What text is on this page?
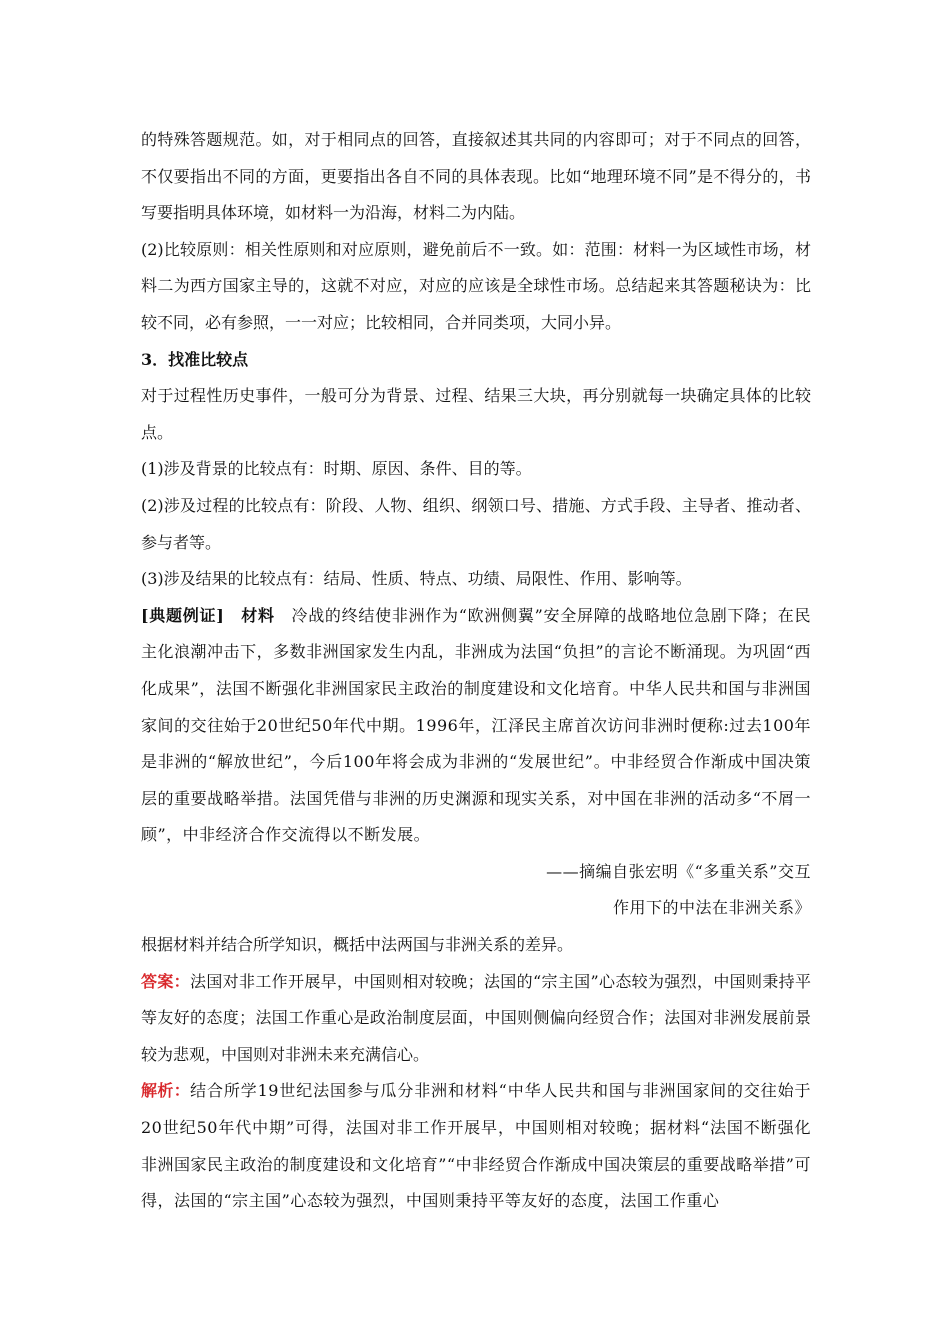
的特殊答题规范。如，对于相同点的回答，直接叙述其共同的内容即可；对于不同点的回答，不仅要指出不同的方面，更要指出各自不同的具体表现。比如“地理环境不同”是不得分的，书写要指明具体环境，如材料一为沿海，材料二为内陆。

(2)比较原则：相关性原则和对应原则，避免前后不一致。如：范围：材料一为区域性市场，材料二为西方国家主导的，这就不对应，对应的应该是全球性市场。总结起来其答题秘诀为：比较不同，必有参照，一一对应；比较相同，合并同类项，大同小异。

3．找准比较点

对于过程性历史事件，一般可分为背景、过程、结果三大块，再分别就每一块确定具体的比较点。

(1)涉及背景的比较点有：时期、原因、条件、目的等。

(2)涉及过程的比较点有：阶段、人物、组织、纲领口号、措施、方式手段、主导者、推动者、参与者等。

(3)涉及结果的比较点有：结局、性质、特点、功绩、局限性、作用、影响等。

[典题例证]　 材料　 冷战的终结使非洲作为“欧洲侧翼”安全屏障的战略地位急剧下降；在民主化浪潮冲击下，多数非洲国家发生内乱，非洲成为法国“负担”的言论不断涌现。为巩固“西化成果”，法国不断强化非洲国家民主政治的制度建设和文化培育。中华人民共和国与非洲国家间的交往始于20世纪50年代中期。1996年，江泽民主席首次访问非洲时便称:过去100年是非洲的“解放世纪”，今后100年将会成为非洲的“发展世纪”。中非经贸合作渐成中国决策层的重要战略举措。法国凭借与非洲的历史渊源和现实关系，对中国在非洲的活动多“不屑一顾”，中非经济合作交流得以不断发展。

——摘编自张宏明《“多重关系”交互

作用下的中法在非洲关系》

根据材料并结合所学知识，概括中法两国与非洲关系的差异。

答案：法国对非工作开展早，中国则相对较晚；法国的“宗主国”心态较为强烈，中国则秉持平等友好的态度；法国工作重心是政治制度层面，中国则侧偏向经贸合作；法国对非洲发展前景较为悲观，中国则对非洲未来充满信心。

解析：结合所学19世纪法国参与瓜分非洲和材料“中华人民共和国与非洲国家间的交往始于20世纪50年代中期”可得，法国对非工作开展早，中国则相对较晚；据材料“法国不断强化非洲国家民主政治的制度建设和文化培育”“中非经贸合作渐成中国决策层的重要战略举措”可得，法国的“宗主国”心态较为强烈，中国则秉持平等友好的态度，法国工作重心
